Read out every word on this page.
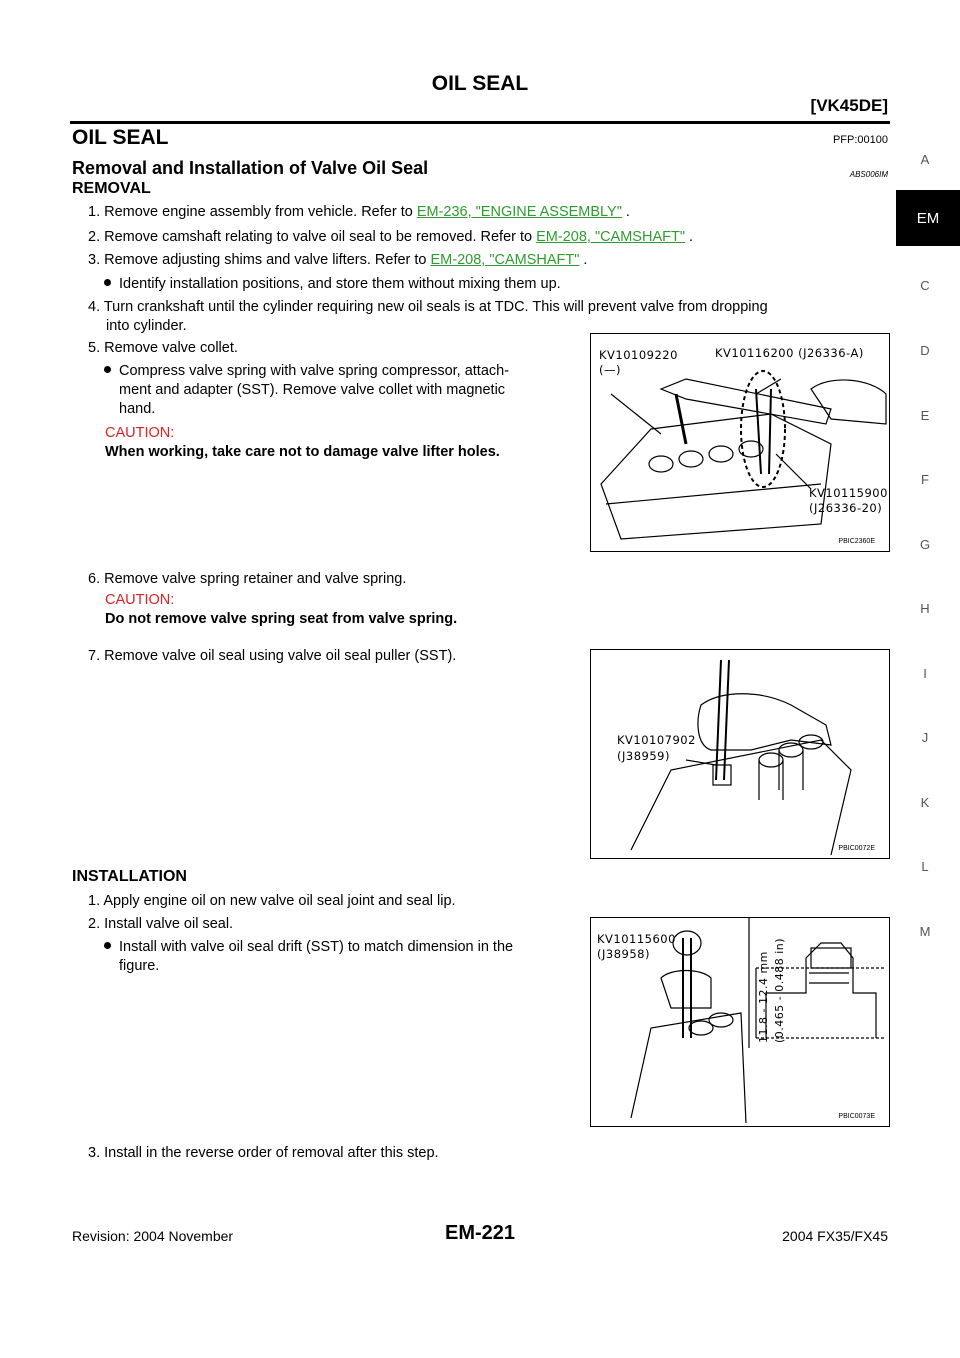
OIL SEAL
[VK45DE]
OIL SEAL	PFP:00100
Removal and Installation of Valve Oil Seal	ABS006IM
REMOVAL
1. Remove engine assembly from vehicle. Refer to EM-236, "ENGINE ASSEMBLY" .
2. Remove camshaft relating to valve oil seal to be removed. Refer to EM-208, "CAMSHAFT" .
3. Remove adjusting shims and valve lifters. Refer to EM-208, "CAMSHAFT" .
Identify installation positions, and store them without mixing them up.
4. Turn crankshaft until the cylinder requiring new oil seals is at TDC. This will prevent valve from dropping
into cylinder.
5. Remove valve collet.
Compress valve spring with valve spring compressor, attach-
ment and adapter (SST). Remove valve collet with magnetic
hand.
CAUTION:
When working, take care not to damage valve lifter holes.
6. Remove valve spring retainer and valve spring.
CAUTION:
Do not remove valve spring seat from valve spring.
7. Remove valve oil seal using valve oil seal puller (SST).
INSTALLATION
1. Apply engine oil on new valve oil seal joint and seal lip.
2. Install valve oil seal.
Install with valve oil seal drift (SST) to match dimension in the
figure.
3. Install in the reverse order of removal after this step.
KV10109220
(—)
KV10116200 (J26336-A)
KV10115900
(J26336-20)
PBIC2360E
KV10107902
(J38959)
PBIC0072E
KV10115600
(J38958)	11.8 - 12.4 mm (0.465 - 0.488 in)
PBIC0073E
A
EM
C
D
E
F
G
H
I
J
K
L
M
Revision: 2004 November	EM-221	2004 FX35/FX45
